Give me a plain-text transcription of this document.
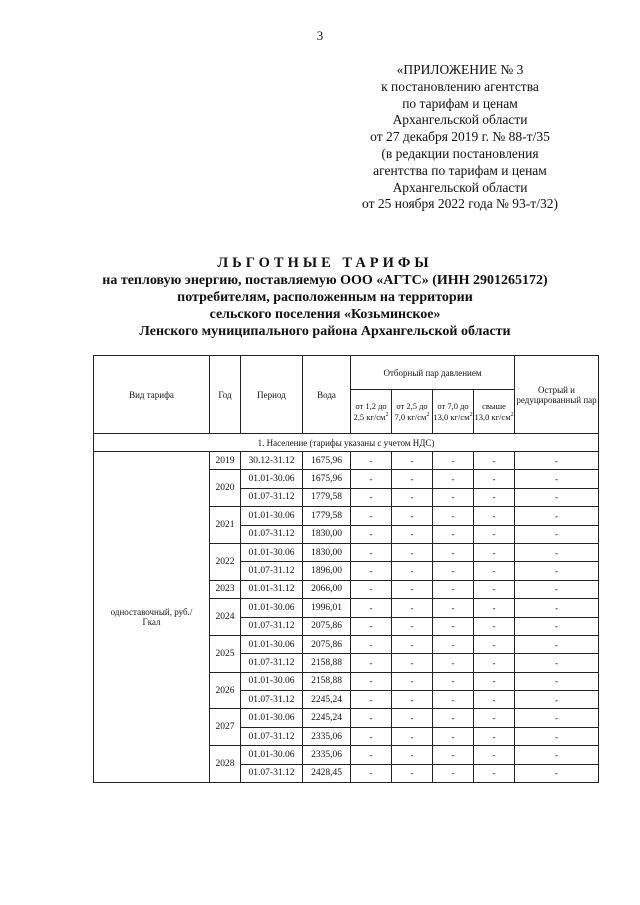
3
«ПРИЛОЖЕНИЕ № 3
к постановлению агентства
по тарифам и ценам
Архангельской области
от 27 декабря 2019 г. № 88-т/35
(в редакции постановления
агентства по тарифам и ценам
Архангельской области
от 25 ноября 2022 года № 93-т/32)
ЛЬГОТНЫЕ ТАРИФЫ
на тепловую энергию, поставляемую ООО «АГТС» (ИНН 2901265172)
потребителям, расположенным на территории
сельского поселения «Козьминское»
Ленского муниципального района Архангельской области
Вид тарифа	Год	Период	Вода	Отборный пар давлением				Острый и редуцированный пар
				от 1,2 до 2,5 $кг/см^2$	от 2,5 до 7,0 $кг/см^2$	от 7,0 до 13,0 $кг/см^2$	свыше 13,0 $кг/см^2$
1. Население (тарифы указаны с учетом НДС)								
одноставочный, руб./Гкал	2019	30.12-31.12	1675,96	-	-	-	-	-
	2020	01.01-30.06	1675,96	-	-	-	-	-
		01.07-31.12	1779,58	-	-	-	-	-
	2021	01.01-30.06	1779,58	-	-	-	-	-
		01.07-31.12	1830,00	-	-	-	-	-
	2022	01.01-30.06	1830,00	-	-	-	-	-
		01.07-31.12	1896,00	-	-	-	-	-
	2023	01.01-31.12	2066,00	-	-	-	-	-
	2024	01.01-30.06	1996,01	-	-	-	-	-
		01.07-31.12	2075,86	-	-	-	-	-
	2025	01.01-30.06	2075,86	-	-	-	-	-
		01.07-31.12	2158,88	-	-	-	-	-
	2026	01.01-30.06	2158,88	-	-	-	-	-
		01.07-31.12	2245,24	-	-	-	-	-
	2027	01.01-30.06	2245,24	-	-	-	-	-
		01.07-31.12	2335,06	-	-	-	-	-
	2028	01.01-30.06	2335,06	-	-	-	-	-
		01.07-31.12	2428,45	-	-	-	-	-
